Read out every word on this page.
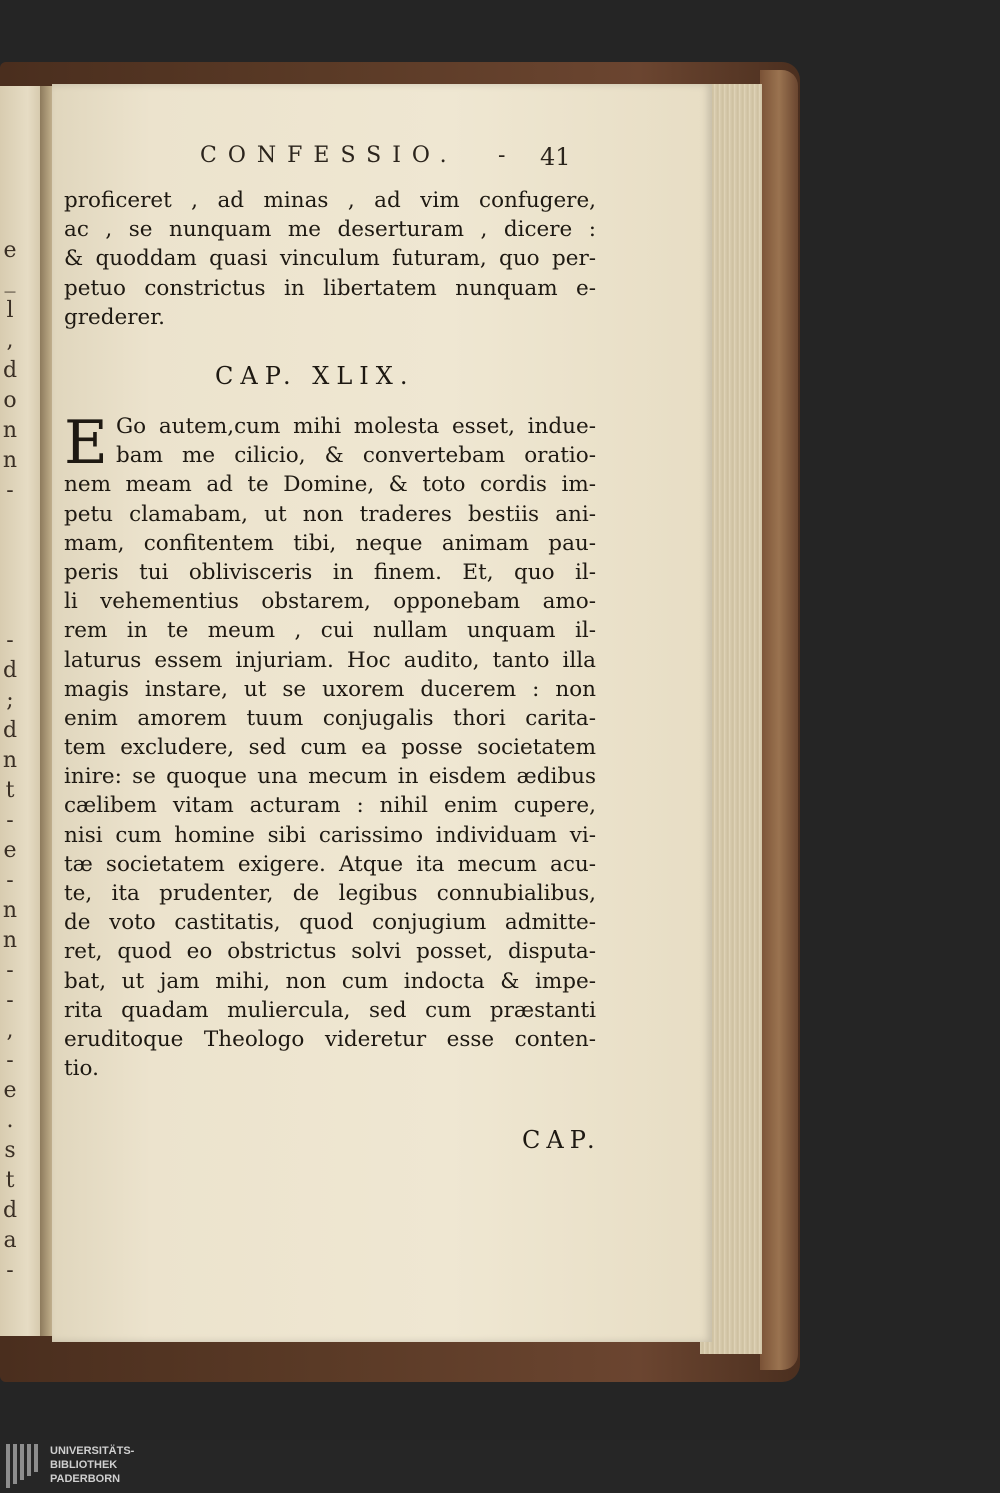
e
_
l
,
d
o
n
n
-

-
d
;
d
n
t
-
e
-
n
n
-
-
,
-
e
.
s
t
d
a
-
CONFESSIO. - 41
proficeret , ad minas , ad vim confugere,
ac , se nunquam me deserturam , dicere :
& quoddam quasi vinculum futuram, quo per-
petuo constrictus in libertatem nunquam e-
grederer.
CAP. XLIX.
E Go autem,cum mihi molesta esset, indue-
bam me cilicio, & convertebam oratio-
nem meam ad te Domine, & toto cordis im-
petu clamabam, ut non traderes bestiis ani-
mam, confitentem tibi, neque animam pau-
peris tui oblivisceris in finem. Et, quo il-
li vehementius obstarem, opponebam amo-
rem in te meum , cui nullam unquam il-
laturus essem injuriam. Hoc audito, tanto illa
magis instare, ut se uxorem ducerem : non
enim amorem tuum conjugalis thori carita-
tem excludere, sed cum ea posse societatem
inire: se quoque una mecum in eisdem ædibus
cælibem vitam acturam : nihil enim cupere,
nisi cum homine sibi carissimo individuam vi-
tæ societatem exigere. Atque ita mecum acu-
te, ita prudenter, de legibus connubialibus,
de voto castitatis, quod conjugium admitte-
ret, quod eo obstrictus solvi posset, disputa-
bat, ut jam mihi, non cum indocta & impe-
rita quadam muliercula, sed cum præstanti
eruditoque Theologo videretur esse conten-
tio.
CAP.
UNIVERSITÄTS-
BIBLIOTHEK
PADERBORN
